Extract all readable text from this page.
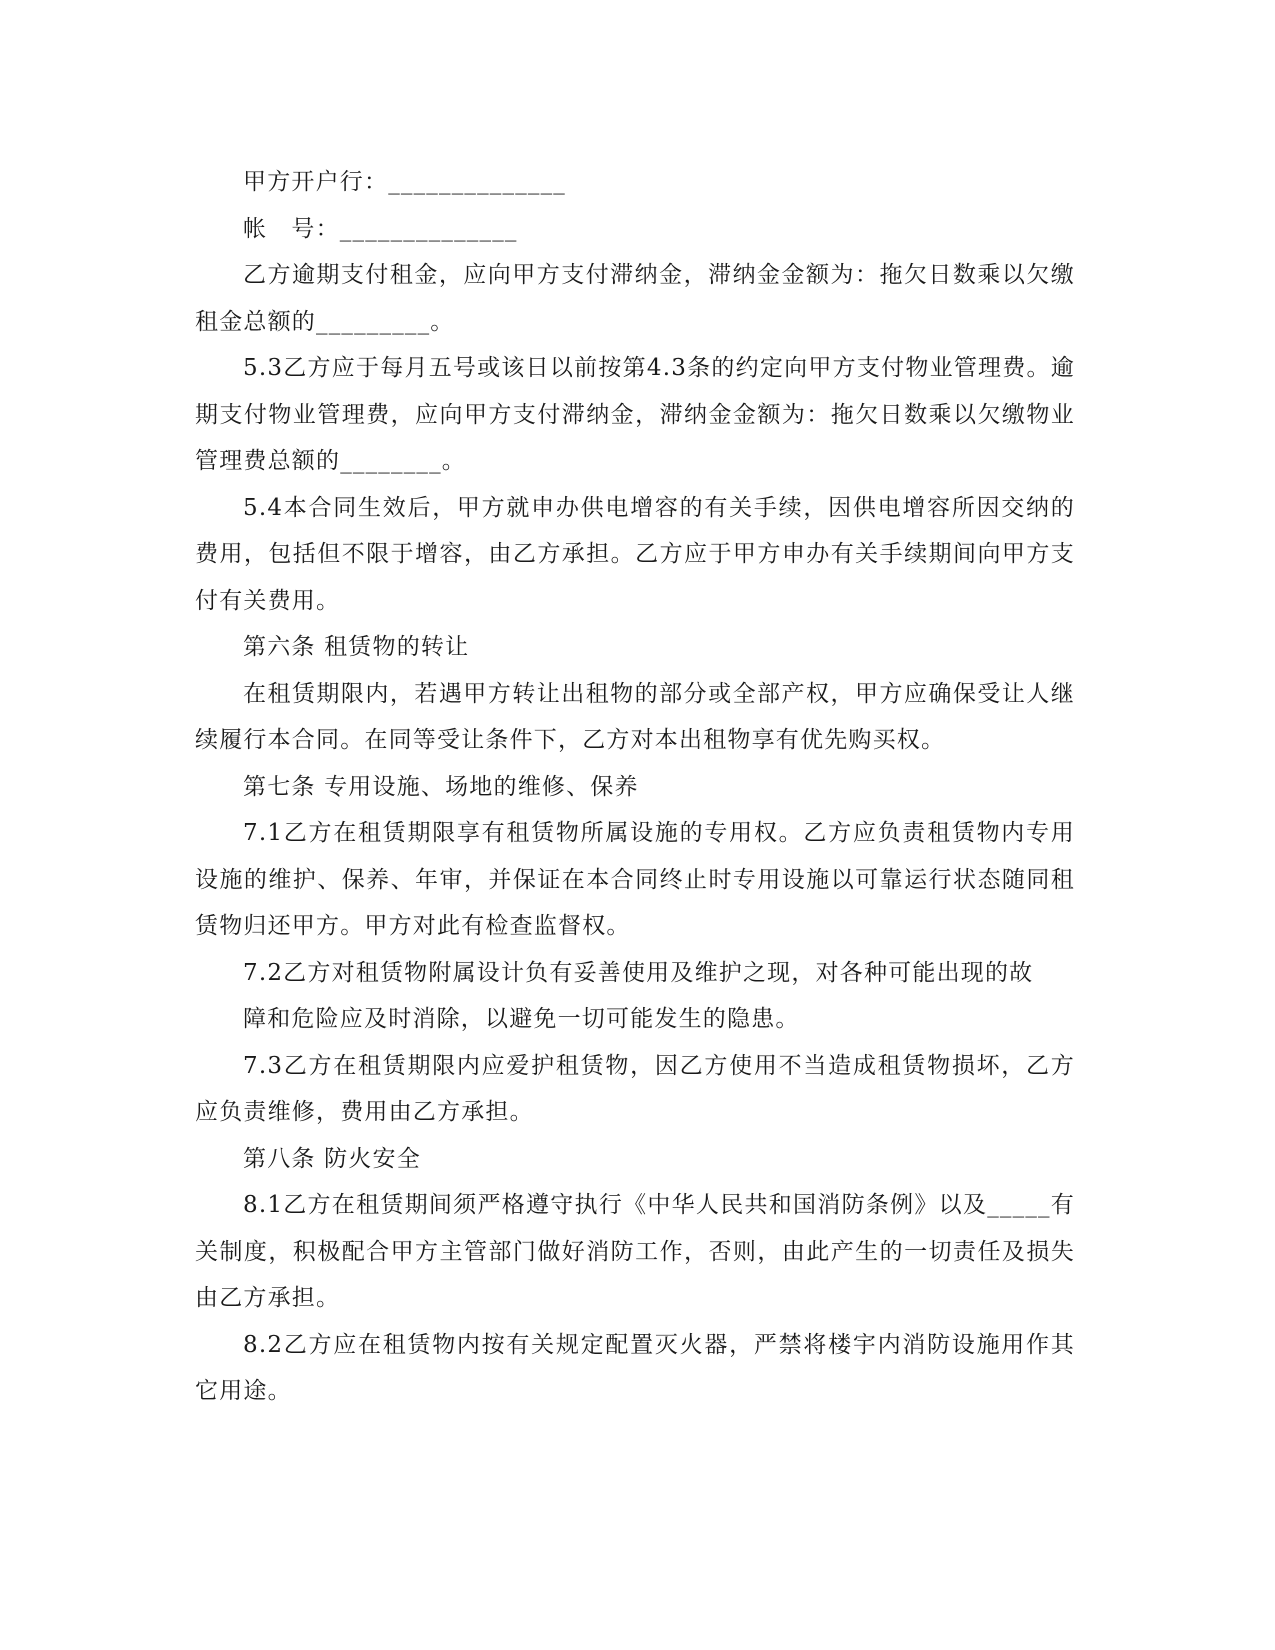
甲方开户行：______________

帐　号：______________

乙方逾期支付租金，应向甲方支付滞纳金，滞纳金金额为：拖欠日数乘以欠缴租金总额的_________。

5.3乙方应于每月五号或该日以前按第4.3条的约定向甲方支付物业管理费。逾期支付物业管理费，应向甲方支付滞纳金，滞纳金金额为：拖欠日数乘以欠缴物业管理费总额的________。

5.4本合同生效后，甲方就申办供电增容的有关手续，因供电增容所因交纳的费用，包括但不限于增容，由乙方承担。乙方应于甲方申办有关手续期间向甲方支付有关费用。

第六条 租赁物的转让

在租赁期限内，若遇甲方转让出租物的部分或全部产权，甲方应确保受让人继续履行本合同。在同等受让条件下，乙方对本出租物享有优先购买权。

第七条 专用设施、场地的维修、保养

7.1乙方在租赁期限享有租赁物所属设施的专用权。乙方应负责租赁物内专用设施的维护、保养、年审，并保证在本合同终止时专用设施以可靠运行状态随同租赁物归还甲方。甲方对此有检查监督权。

7.2乙方对租赁物附属设计负有妥善使用及维护之现，对各种可能出现的故

障和危险应及时消除，以避免一切可能发生的隐患。

7.3乙方在租赁期限内应爱护租赁物，因乙方使用不当造成租赁物损坏，乙方应负责维修，费用由乙方承担。

第八条 防火安全

8.1乙方在租赁期间须严格遵守执行《中华人民共和国消防条例》以及_____有关制度，积极配合甲方主管部门做好消防工作，否则，由此产生的一切责任及损失由乙方承担。

8.2乙方应在租赁物内按有关规定配置灭火器，严禁将楼宇内消防设施用作其它用途。
